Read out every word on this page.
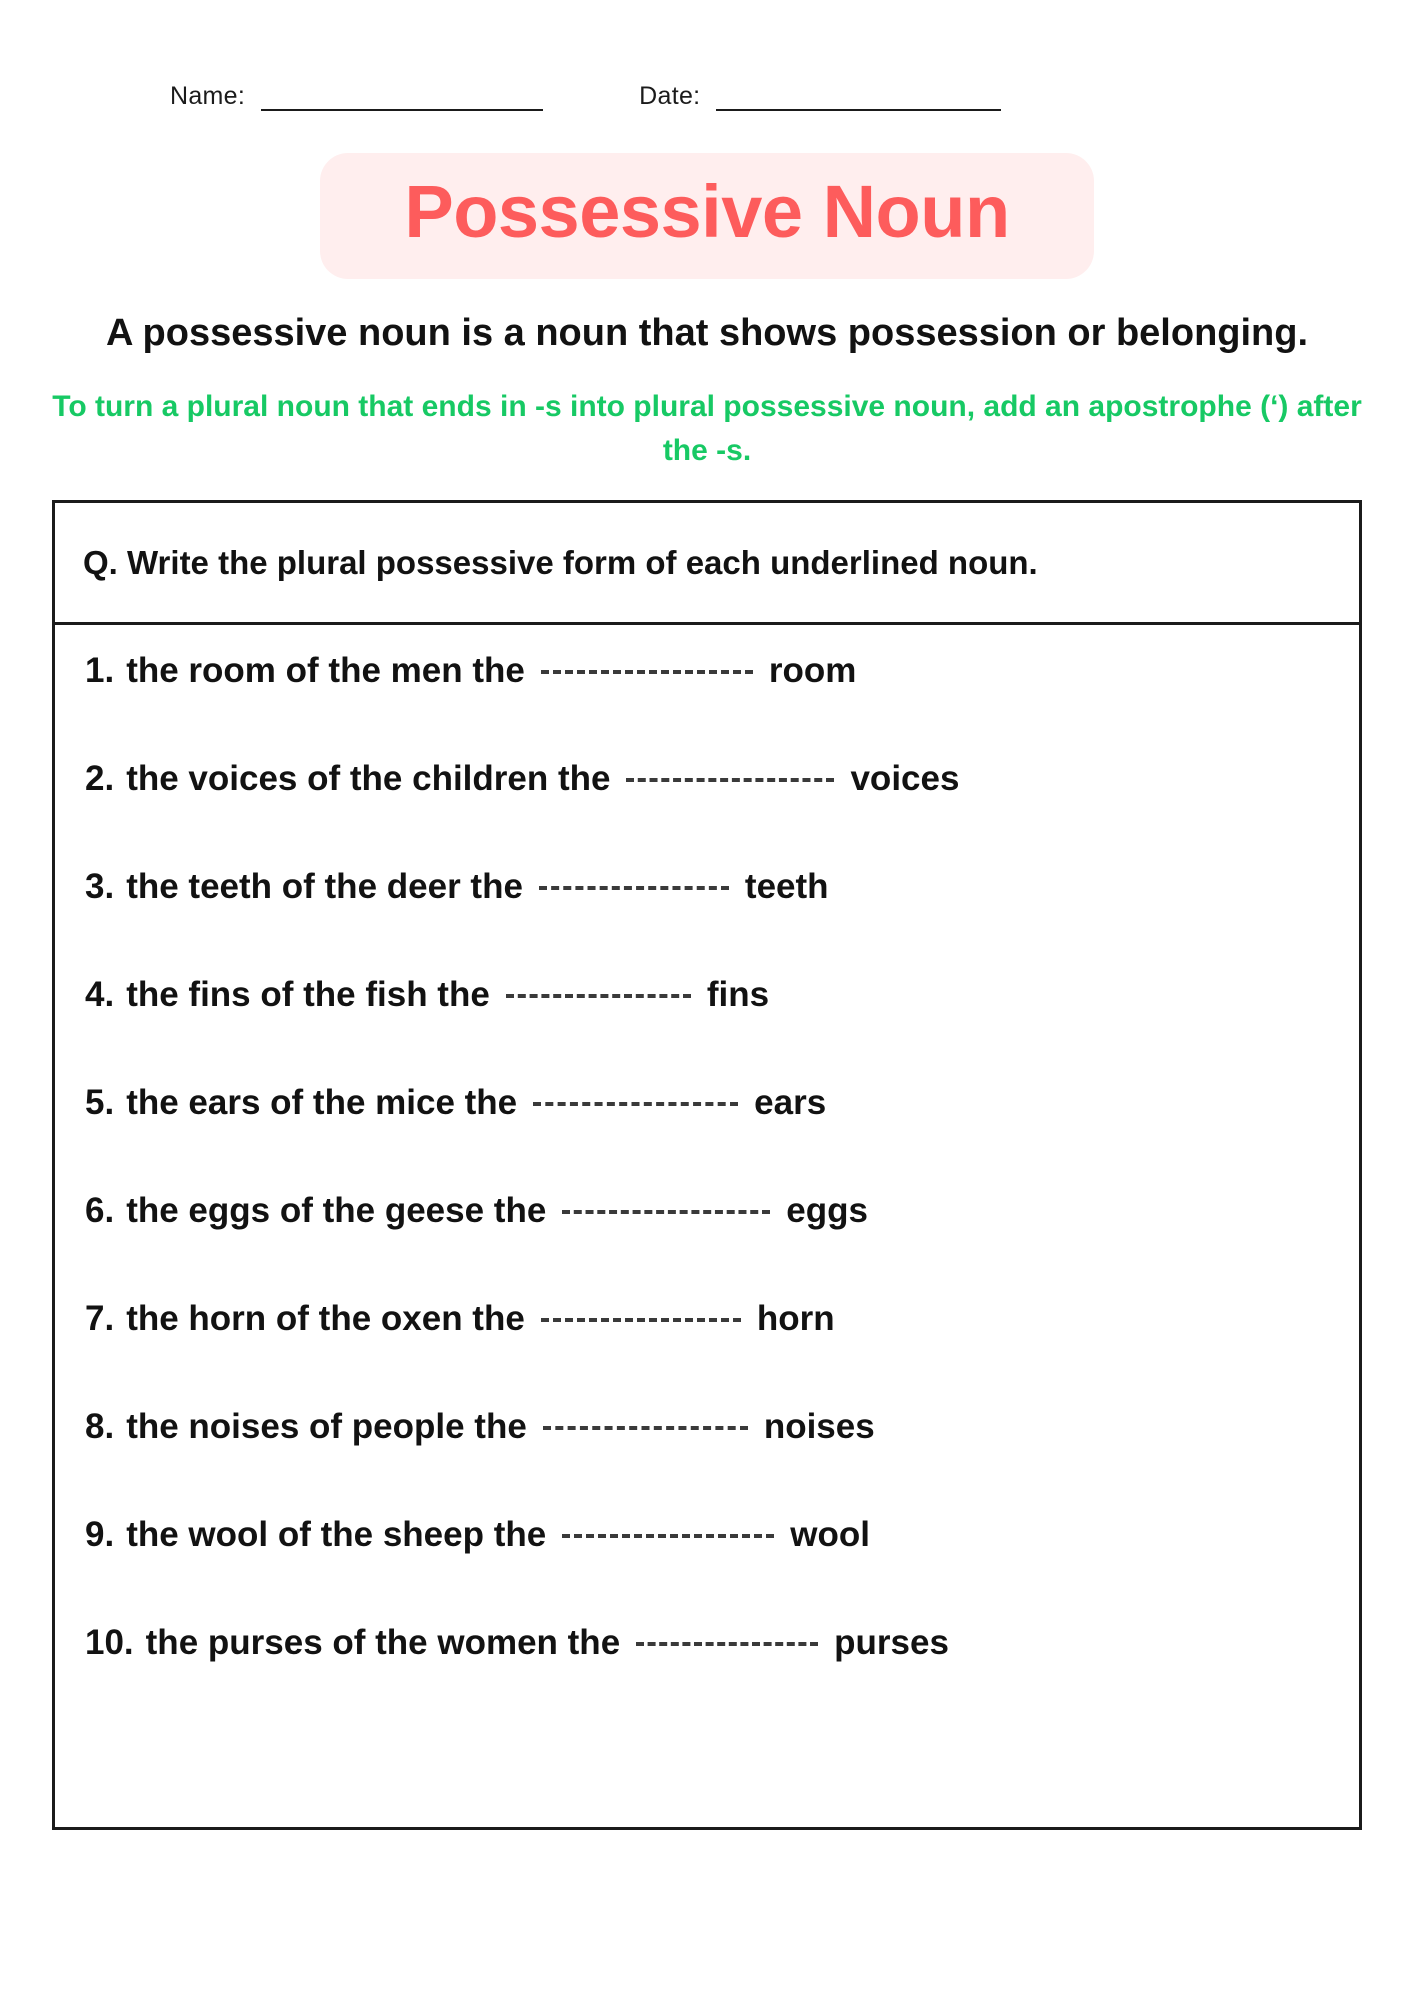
Name:	Date:
Possessive Noun
A possessive noun is a noun that shows possession or belonging.
To turn a plural noun that ends in -s into plural possessive noun, add an apostrophe (‘) after the -s.
Q. Write the plural possessive form of each underlined noun.
1. the room of the men the	room
2. the voices of the children the	voices
3. the teeth of the deer the	teeth
4. the fins of the fish the	fins
5. the ears of the mice the	ears
6. the eggs of the geese the	eggs
7. the horn of the oxen the	horn
8. the noises of people the	noises
9. the wool of the sheep the	wool
10. the purses of the women the	purses
